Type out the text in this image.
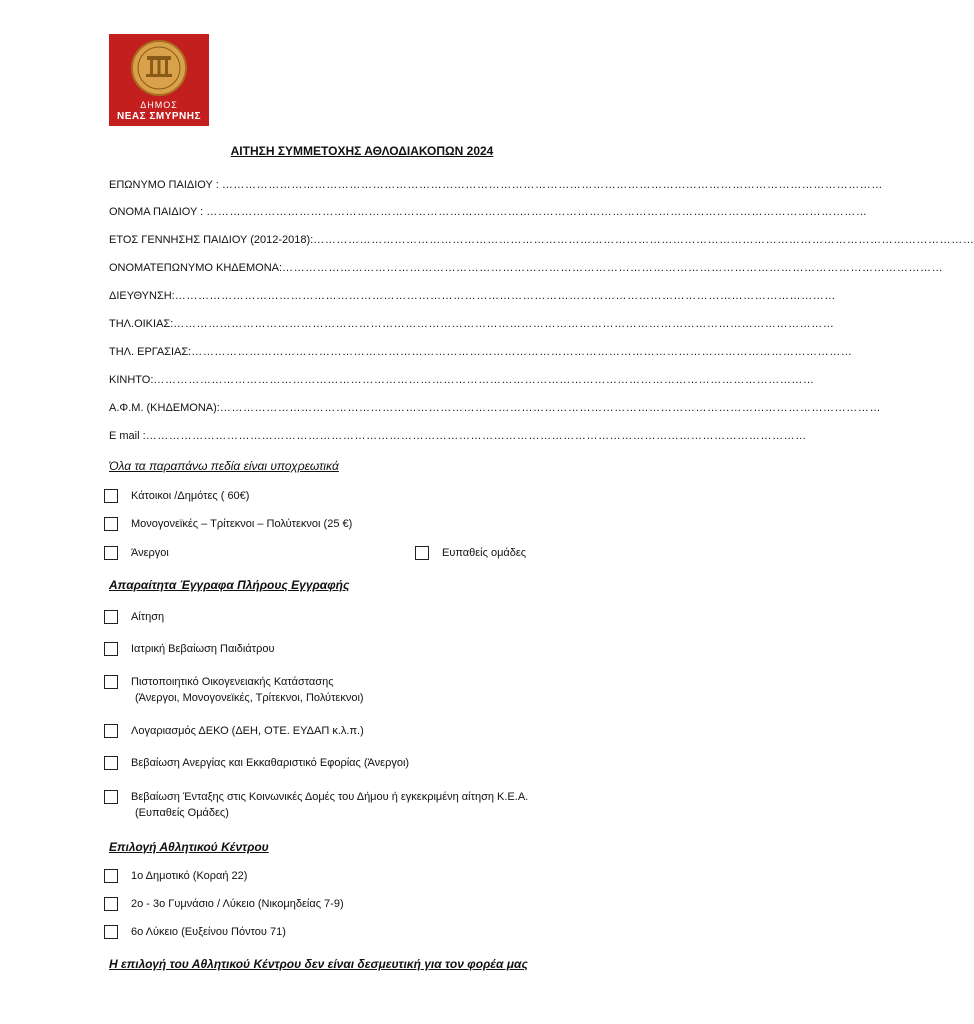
ΔΗΜΟΣ
ΝΕΑΣ ΣΜΥΡΝΗΣ
ΑΙΤΗΣΗ ΣΥΜΜΕΤΟΧΗΣ ΑΘΛΟΔΙΑΚΟΠΩΝ 2024
ΕΠΩΝΥΜΟ ΠΑΙΔΙΟΥ : ………………………………………………………………………………………………………………………………………………………
ΟΝΟΜΑ ΠΑΙΔΙΟΥ : ………………………………………………………………………………………………………………………………………………………
ΕΤΟΣ ΓΕΝΝΗΣΗΣ ΠΑΙΔΙΟΥ (2012-2018):………………………………………………………………………………………………………………………………………………………
ΟΝΟΜΑΤΕΠΩΝΥΜΟ ΚΗΔΕΜΟΝΑ:………………………………………………………………………………………………………………………………………………………
ΔΙΕΥΘΥΝΣΗ:………………………………………………………………………………………………………………………………………………………
ΤΗΛ.ΟΙΚΙΑΣ:………………………………………………………………………………………………………………………………………………………
ΤΗΛ. ΕΡΓΑΣΙΑΣ:………………………………………………………………………………………………………………………………………………………
ΚΙΝΗΤΟ:………………………………………………………………………………………………………………………………………………………
Α.Φ.Μ. (ΚΗΔΕΜΟΝΑ):………………………………………………………………………………………………………………………………………………………
E mail :………………………………………………………………………………………………………………………………………………………
Όλα τα παραπάνω πεδία είναι υποχρεωτικά
Κάτοικοι /Δημότες ( 60€)
Μονογονεϊκές – Τρίτεκνοι – Πολύτεκνοι (25 €)
Άνεργοι	Ευπαθείς ομάδες
Απαραίτητα Έγγραφα Πλήρους Εγγραφής
Αίτηση
Ιατρική Βεβαίωση Παιδιάτρου
Πιστοποιητικό Οικογενειακής Κατάστασης
(Άνεργοι, Μονογονεϊκές, Τρίτεκνοι, Πολύτεκνοι)
Λογαριασμός ΔΕΚΟ (ΔΕΗ, ΟΤΕ. ΕΥΔΑΠ κ.λ.π.)
Βεβαίωση Ανεργίας και Εκκαθαριστικό Εφορίας (Άνεργοι)
Βεβαίωση Ένταξης στις Κοινωνικές Δομές του Δήμου ή εγκεκριμένη αίτηση Κ.Ε.Α.
(Ευπαθείς Ομάδες)
Επιλογή Αθλητικού Κέντρου
1ο Δημοτικό (Κοραή 22)
2ο - 3ο Γυμνάσιο / Λύκειο (Νικομηδείας 7-9)
6ο Λύκειο (Ευξείνου Πόντου 71)
Η επιλογή του Αθλητικού Κέντρου δεν είναι δεσμευτική για τον φορέα μας
